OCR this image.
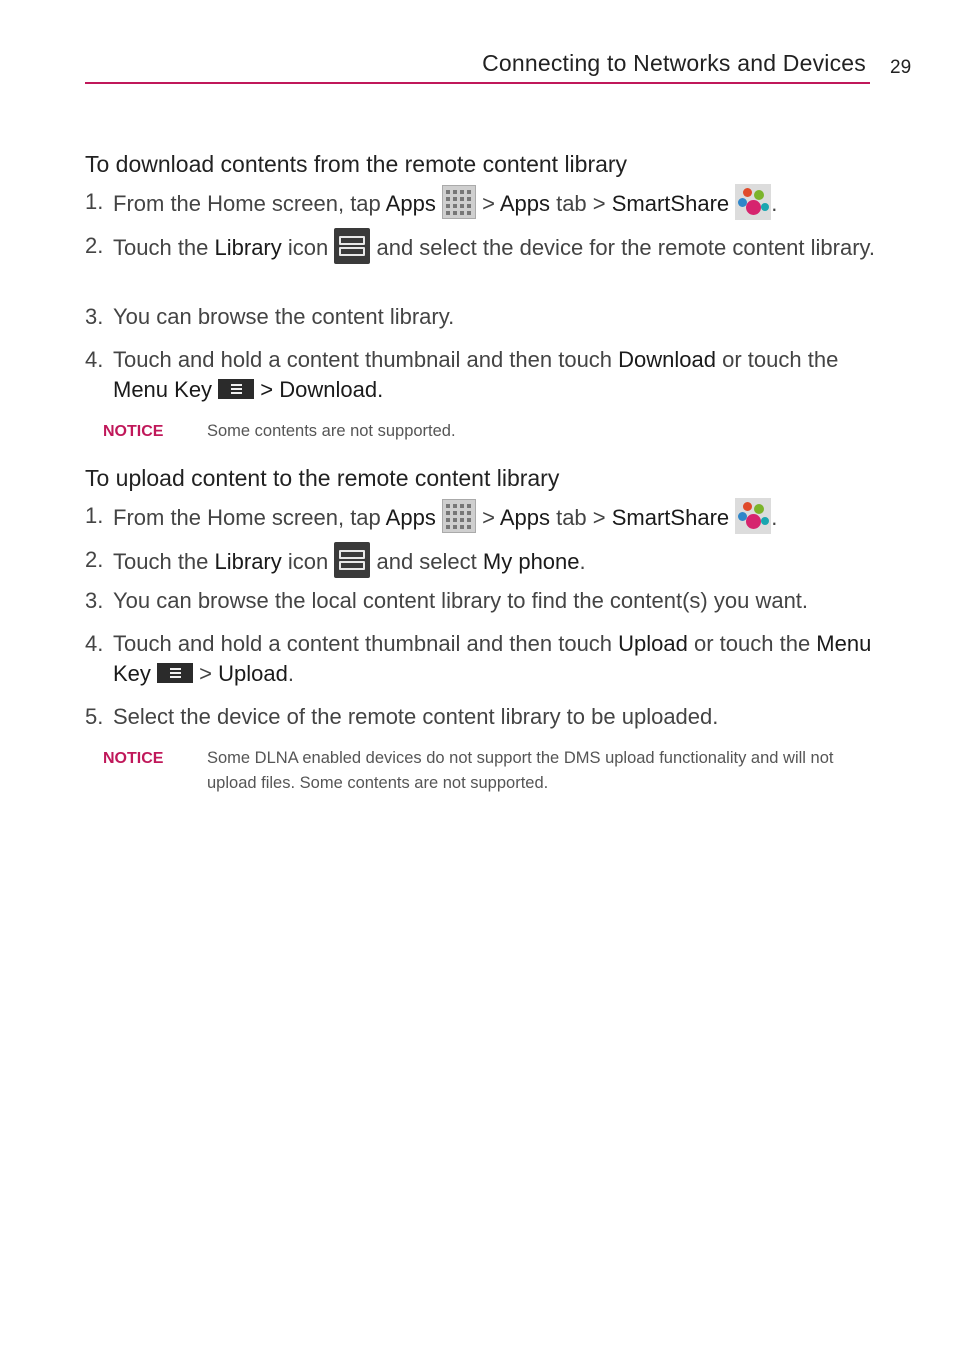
Connecting to Networks and Devices 29
To download contents from the remote content library
1. From the Home screen, tap Apps
> Apps tab > SmartShare .
2. Touch the Library icon
and select the device for the remote content library.
3. You can browse the content library.
4. Touch and hold a content thumbnail and then touch Download or touch the Menu Key
> Download.
NOTICE	Some contents are not supported.
To upload content to the remote content library
1. From the Home screen, tap Apps
> Apps tab > SmartShare .
2. Touch the Library icon
and select My phone.
3. You can browse the local content library to find the content(s) you want.
4. Touch and hold a content thumbnail and then touch Upload or touch the Menu Key
> Upload.
5. Select the device of the remote content library to be uploaded.
NOTICE	Some DLNA enabled devices do not support the DMS upload functionality and will not upload files. Some contents are not supported.
